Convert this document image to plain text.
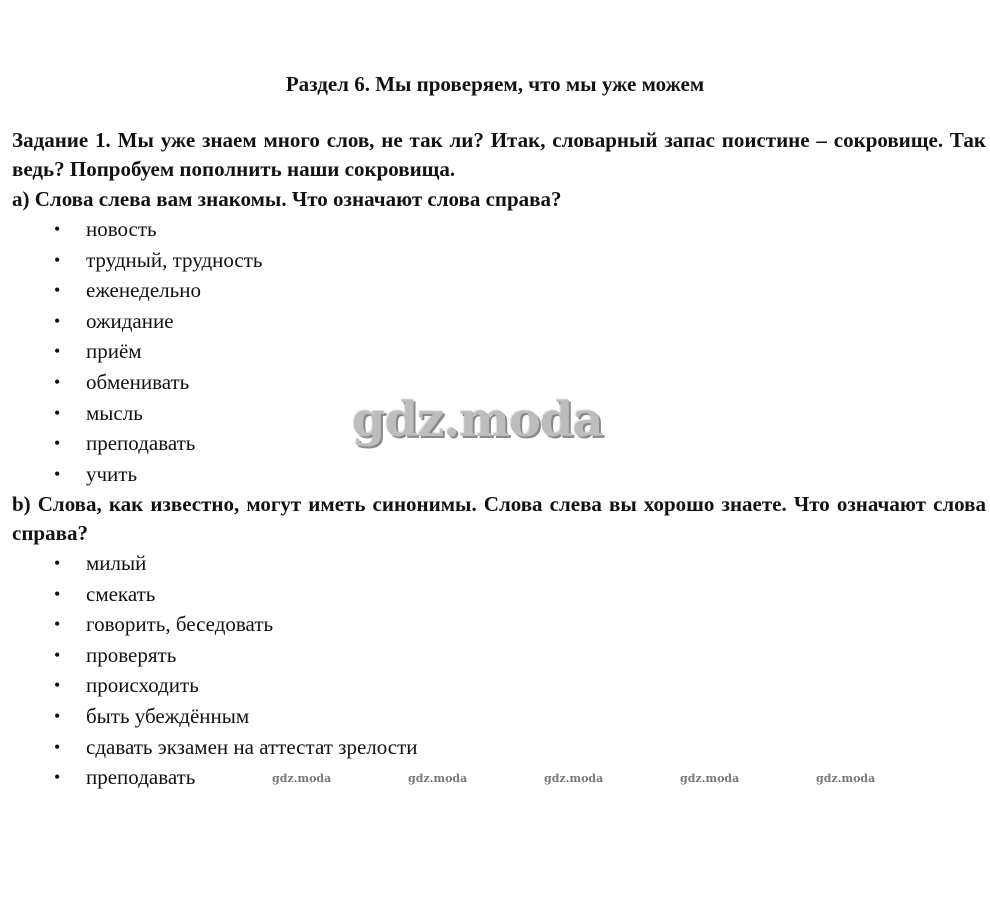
Раздел 6. Мы проверяем, что мы уже можем
Задание 1. Мы уже знаем много слов, не так ли? Итак, словарный запас поистине – сокровище. Так ведь? Попробуем пополнить наши сокровища.
а) Слова слева вам знакомы. Что означают слова справа?
• новость
• трудный, трудность
• еженедельно
• ожидание
• приём
• обменивать
• мысль
• преподавать
• учить
b) Слова, как известно, могут иметь синонимы. Слова слева вы хорошо знаете. Что означают слова справа?
• милый
• смекать
• говорить, беседовать
• проверять
• происходить
• быть убеждённым
• сдавать экзамен на аттестат зрелости
• преподавать
gdz.moda
gdz.moda	gdz.moda	gdz.moda	gdz.moda	gdz.moda
